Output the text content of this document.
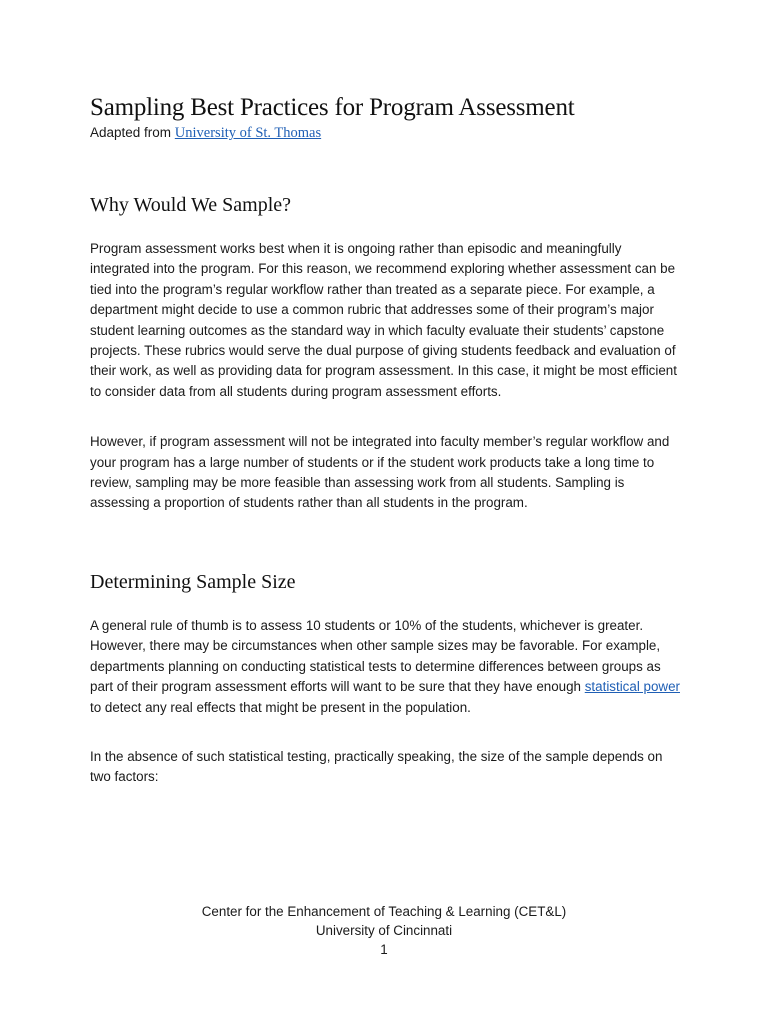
Sampling Best Practices for Program Assessment
Adapted from University of St. Thomas
Why Would We Sample?

Program assessment works best when it is ongoing rather than episodic and meaningfully integrated into the program. For this reason, we recommend exploring whether assessment can be tied into the program’s regular workflow rather than treated as a separate piece. For example, a department might decide to use a common rubric that addresses some of their program’s major student learning outcomes as the standard way in which faculty evaluate their students’ capstone projects. These rubrics would serve the dual purpose of giving students feedback and evaluation of their work, as well as providing data for program assessment. In this case, it might be most efficient to consider data from all students during program assessment efforts.

However, if program assessment will not be integrated into faculty member’s regular workflow and your program has a large number of students or if the student work products take a long time to review, sampling may be more feasible than assessing work from all students. Sampling is assessing a proportion of students rather than all students in the program.

Determining Sample Size

A general rule of thumb is to assess 10 students or 10% of the students, whichever is greater. However, there may be circumstances when other sample sizes may be favorable. For example, departments planning on conducting statistical tests to determine differences between groups as part of their program assessment efforts will want to be sure that they have enough statistical power to detect any real effects that might be present in the population.

In the absence of such statistical testing, practically speaking, the size of the sample depends on two factors:

Center for the Enhancement of Teaching & Learning (CET&L)
University of Cincinnati
1
